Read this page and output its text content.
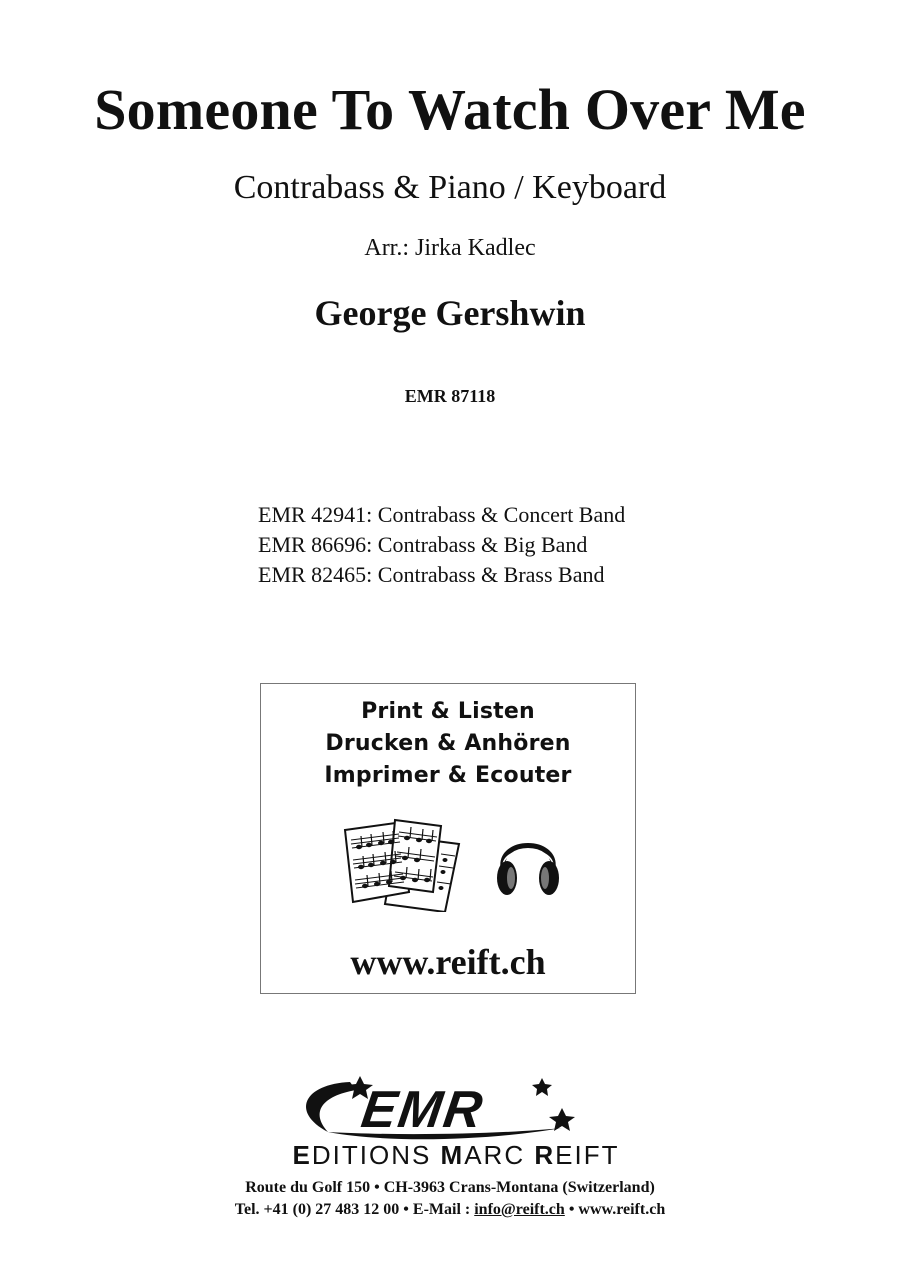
Someone To Watch Over Me
Contrabass & Piano / Keyboard
Arr.: Jirka Kadlec
George Gershwin
EMR 87118
EMR 42941: Contrabass & Concert Band
EMR 86696: Contrabass & Big Band
EMR 82465: Contrabass & Brass Band
Print & Listen
Drucken & Anhören
Imprimer & Ecouter
www.reift.ch
EMR
EDITIONS MARC REIFT
Route du Golf 150 • CH-3963 Crans-Montana (Switzerland)
Tel. +41 (0) 27 483 12 00 • E-Mail : info@reift.ch • www.reift.ch
